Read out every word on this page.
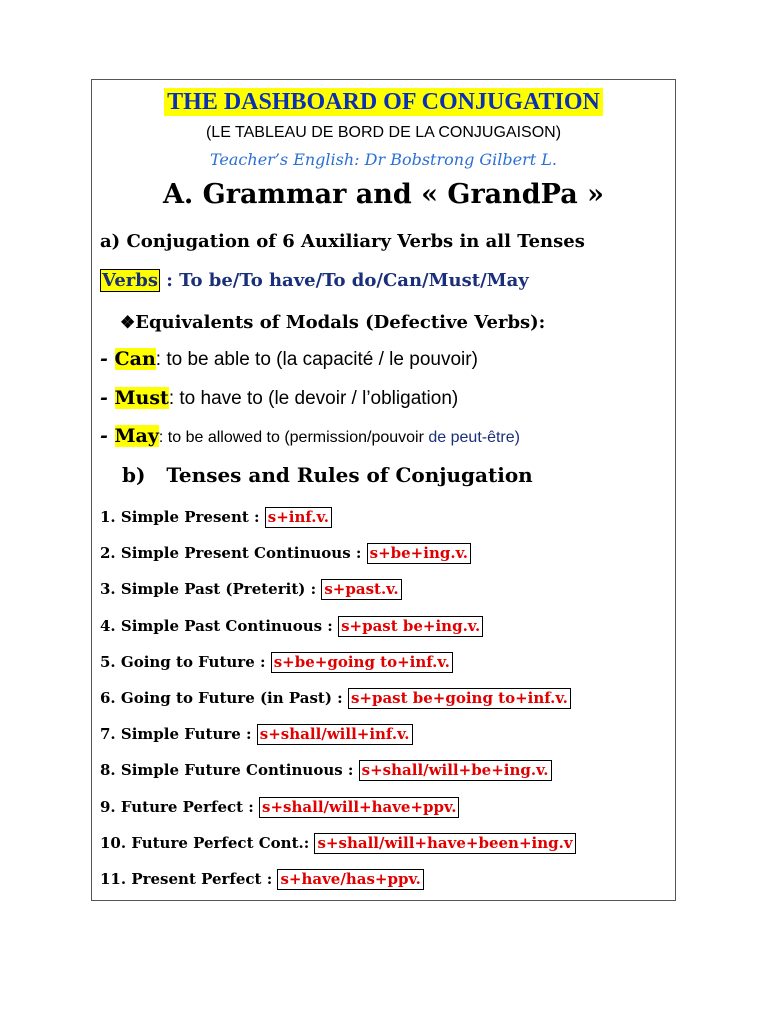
THE DASHBOARD OF CONJUGATION
(LE TABLEAU DE BORD DE LA CONJUGAISON)
Teacher’s English: Dr Bobstrong Gilbert L.
A. Grammar and « GrandPa »
a) Conjugation of 6 Auxiliary Verbs in all Tenses
Verbs : To be/To have/To do/Can/Must/May
❖Equivalents of Modals (Defective Verbs):
- Can: to be able to (la capacité / le pouvoir)
- Must: to have to (le devoir / l’obligation)
- May: to be allowed to (permission/pouvoir de peut-être)
b)   Tenses and Rules of Conjugation
1. Simple Present : s+inf.v.
2. Simple Present Continuous : s+be+ing.v.
3. Simple Past (Preterit) : s+past.v.
4. Simple Past Continuous : s+past be+ing.v.
5. Going to Future : s+be+going to+inf.v.
6. Going to Future (in Past) : s+past be+going to+inf.v.
7. Simple Future : s+shall/will+inf.v.
8. Simple Future Continuous : s+shall/will+be+ing.v.
9. Future Perfect : s+shall/will+have+ppv.
10. Future Perfect Cont.: s+shall/will+have+been+ing.v
11. Present Perfect : s+have/has+ppv.
